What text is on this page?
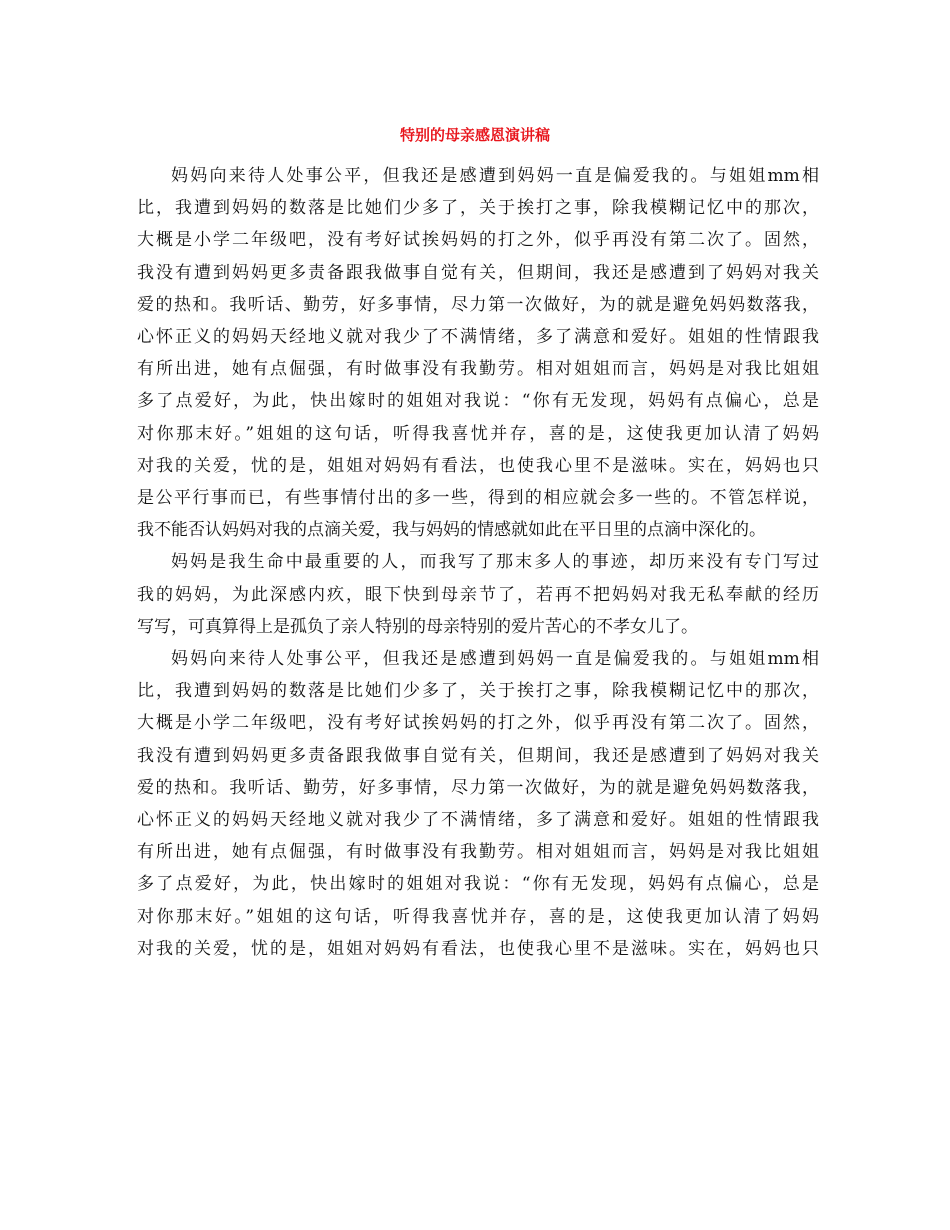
特别的母亲感恩演讲稿

妈妈向来待人处事公平，但我还是感遭到妈妈一直是偏爱我的。与姐姐mm相
比，我遭到妈妈的数落是比她们少多了，关于挨打之事，除我模糊记忆中的那次，
大概是小学二年级吧，没有考好试挨妈妈的打之外，似乎再没有第二次了。固然，
我没有遭到妈妈更多责备跟我做事自觉有关，但期间，我还是感遭到了妈妈对我关
爱的热和。我听话、勤劳，好多事情，尽力第一次做好，为的就是避免妈妈数落我，
心怀正义的妈妈天经地义就对我少了不满情绪，多了满意和爱好。姐姐的性情跟我
有所出进，她有点倔强，有时做事没有我勤劳。相对姐姐而言，妈妈是对我比姐姐
多了点爱好，为此，快出嫁时的姐姐对我说：“你有无发现，妈妈有点偏心，总是
对你那末好。”姐姐的这句话，听得我喜忧并存，喜的是，这使我更加认清了妈妈
对我的关爱，忧的是，姐姐对妈妈有看法，也使我心里不是滋味。实在，妈妈也只
是公平行事而已，有些事情付出的多一些，得到的相应就会多一些的。不管怎样说，
我不能否认妈妈对我的点滴关爱，我与妈妈的情感就如此在平日里的点滴中深化的。

妈妈是我生命中最重要的人，而我写了那末多人的事迹，却历来没有专门写过
我的妈妈，为此深感内疚，眼下快到母亲节了，若再不把妈妈对我无私奉献的经历
写写，可真算得上是孤负了亲人特别的母亲特别的爱片苦心的不孝女儿了。

妈妈向来待人处事公平，但我还是感遭到妈妈一直是偏爱我的。与姐姐mm相
比，我遭到妈妈的数落是比她们少多了，关于挨打之事，除我模糊记忆中的那次，
大概是小学二年级吧，没有考好试挨妈妈的打之外，似乎再没有第二次了。固然，
我没有遭到妈妈更多责备跟我做事自觉有关，但期间，我还是感遭到了妈妈对我关
爱的热和。我听话、勤劳，好多事情，尽力第一次做好，为的就是避免妈妈数落我，
心怀正义的妈妈天经地义就对我少了不满情绪，多了满意和爱好。姐姐的性情跟我
有所出进，她有点倔强，有时做事没有我勤劳。相对姐姐而言，妈妈是对我比姐姐
多了点爱好，为此，快出嫁时的姐姐对我说：“你有无发现，妈妈有点偏心，总是
对你那末好。”姐姐的这句话，听得我喜忧并存，喜的是，这使我更加认清了妈妈
对我的关爱，忧的是，姐姐对妈妈有看法，也使我心里不是滋味。实在，妈妈也只
